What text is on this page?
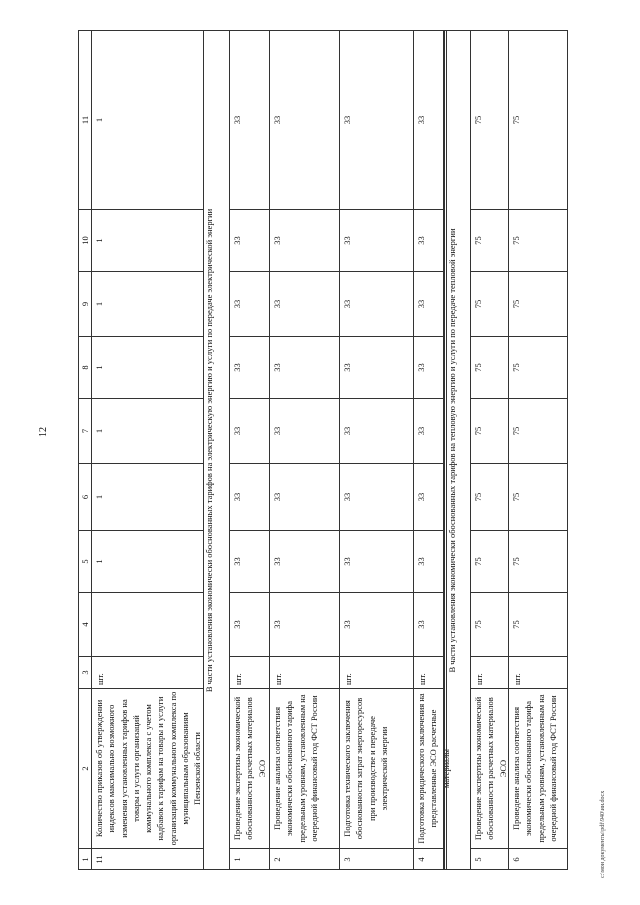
12
c:\мои документы\pdf\940\ии.docx
1
2
3
4
5
6
7
8
9
10
11
11
Количество приказов об утверждении индексов максимально возможного изменения установленных тарифов на товары и услуги организаций коммунального комплекса с учетом надбавок к тарифам на товары и услуги организаций коммунального комплекса по муниципальным образованиям Пензенской области
шт.
1
1
1
1
1
1
1
В части установления экономически обоснованных тарифов на электрическую энергию и услуги по передаче электрической энергии
1
Проведение экспертизы экономической обоснованности расчетных материалов ЭСО
шт.
33
33
33
33
33
33
33
33
2
Проведение анализа соответствия экономически обоснованного тарифа предельным уровням, установленным на очередной финансовый год ФСТ России
шт.
33
33
33
33
33
33
33
33
3
Подготовка технического заключения обоснованности затрат энергоресурсов при производстве и передаче электрической энергии
шт.
33
33
33
33
33
33
33
33
4
Подготовка юридического заключения на представленные ЭСО расчетные материалы
шт.
33
33
33
33
33
33
33
33
В части установления экономически обоснованных тарифов на тепловую энергию и услуги по передаче тепловой энергии
5
Проведение экспертизы экономической обоснованности расчетных материалов ЭСО
шт.
75
75
75
75
75
75
75
75
6
Проведение анализа соответствия экономически обоснованного тарифа предельным уровням, установленным на очередной финансовый год ФСТ России
шт.
75
75
75
75
75
75
75
75
